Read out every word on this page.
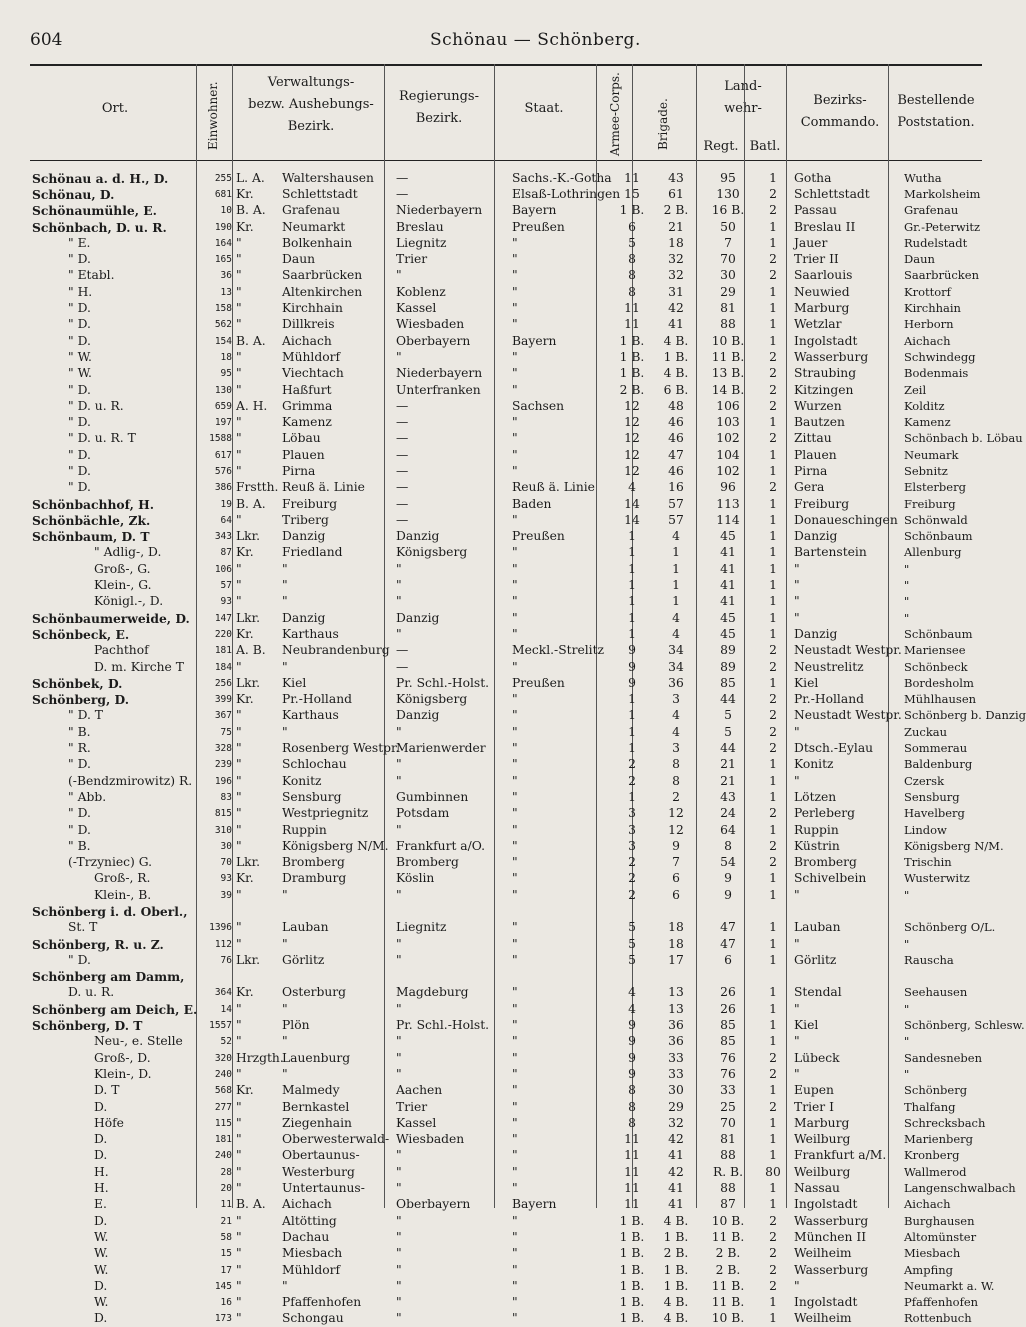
604	Schönau — Schönberg.
Ort.	Einwohner.	Verwaltungs-
bezw. Aushebungs-
Bezirk.
Regierungs-
Bezirk.
Staat.	Armee-Corps.	Brigade.
Land-
wehr-
Regt. Batl.
Bezirks-
Commando.
Bestellende
Poststation.
Schönau a. d. H., D.	255	L. A.	Waltershausen	—	Sachs.-K.-Gotha	11	43	95	1	Gotha	Wutha
Schönau, D.	681	Kr.	Schlettstadt	—	Elsaß-Lothringen	15	61	130	2	Schlettstadt	Markolsheim
Schönaumühle, E.	10	B. A.	Grafenau	Niederbayern	Bayern	1 B.	2 B.	16 B.	2	Passau	Grafenau
Schönbach, D. u. R.	190	Kr.	Neumarkt	Breslau	Preußen	6	21	50	1	Breslau II	Gr.-Peterwitz
" E.	164	"	Bolkenhain	Liegnitz	"	5	18	7	1	Jauer	Rudelstadt
" D.	165	"	Daun	Trier	"	8	32	70	2	Trier II	Daun
" Etabl.	36	"	Saarbrücken	"	"	8	32	30	2	Saarlouis	Saarbrücken
" H.	13	"	Altenkirchen	Koblenz	"	8	31	29	1	Neuwied	Krottorf
" D.	158	"	Kirchhain	Kassel	"	11	42	81	1	Marburg	Kirchhain
" D.	562	"	Dillkreis	Wiesbaden	"	11	41	88	1	Wetzlar	Herborn
" D.	154	B. A.	Aichach	Oberbayern	Bayern	1 B.	4 B.	10 B.	1	Ingolstadt	Aichach
" W.	18	"	Mühldorf	"	"	1 B.	1 B.	11 B.	2	Wasserburg	Schwindegg
" W.	95	"	Viechtach	Niederbayern	"	1 B.	4 B.	13 B.	2	Straubing	Bodenmais
" D.	130	"	Haßfurt	Unterfranken	"	2 B.	6 B.	14 B.	2	Kitzingen	Zeil
" D. u. R.	659	A. H.	Grimma	—	Sachsen	12	48	106	2	Wurzen	Kolditz
" D.	197	"	Kamenz	—	"	12	46	103	1	Bautzen	Kamenz
" D. u. R. T	1588	"	Löbau	—	"	12	46	102	2	Zittau	Schönbach b. Löbau
" D.	617	"	Plauen	—	"	12	47	104	1	Plauen	Neumark
" D.	576	"	Pirna	—	"	12	46	102	1	Pirna	Sebnitz
" D.	386	Frstth.	Reuß ä. Linie	—	Reuß ä. Linie	4	16	96	2	Gera	Elsterberg
Schönbachhof, H.	19	B. A.	Freiburg	—	Baden	14	57	113	1	Freiburg	Freiburg
Schönbächle, Zk.	64	"	Triberg	—	"	14	57	114	1	Donaueschingen	Schönwald
Schönbaum, D. T	343	Lkr.	Danzig	Danzig	Preußen	1	4	45	1	Danzig	Schönbaum
" Adlig-, D.	87	Kr.	Friedland	Königsberg	"	1	1	41	1	Bartenstein	Allenburg
Groß-, G.	106	"	"	"	"	1	1	41	1	"	"
Klein-, G.	57	"	"	"	"	1	1	41	1	"	"
Königl.-, D.	93	"	"	"	"	1	1	41	1	"	"
Schönbaumerweide, D.	147	Lkr.	Danzig	Danzig	"	1	4	45	1	"	"
Schönbeck, E.	220	Kr.	Karthaus	"	"	1	4	45	1	Danzig	Schönbaum
Pachthof	181	A. B.	Neubrandenburg	—	Meckl.-Strelitz	9	34	89	2	Neustadt Westpr.	Mariensee
D. m. Kirche T	184	"	"	—	"	9	34	89	2	Neustrelitz	Schönbeck
Schönbek, D.	256	Lkr.	Kiel	Pr. Schl.-Holst.	Preußen	9	36	85	1	Kiel	Bordesholm
Schönberg, D.	399	Kr.	Pr.-Holland	Königsberg	"	1	3	44	2	Pr.-Holland	Mühlhausen
" D. T	367	"	Karthaus	Danzig	"	1	4	5	2	Neustadt Westpr.	Schönberg b. Danzig
" B.	75	"	"	"	"	1	4	5	2	"	Zuckau
" R.	328	"	Rosenberg Westpr.	Marienwerder	"	1	3	44	2	Dtsch.-Eylau	Sommerau
" D.	239	"	Schlochau	"	"	2	8	21	1	Konitz	Baldenburg
(-Bendzmirowitz) R.	196	"	Konitz	"	"	2	8	21	1	"	Czersk
" Abb.	83	"	Sensburg	Gumbinnen	"	1	2	43	1	Lötzen	Sensburg
" D.	815	"	Westpriegnitz	Potsdam	"	3	12	24	2	Perleberg	Havelberg
" D.	310	"	Ruppin	"	"	3	12	64	1	Ruppin	Lindow
" B.	30	"	Königsberg N/M.	Frankfurt a/O.	"	3	9	8	2	Küstrin	Königsberg N/M.
(-Trzyniec) G.	70	Lkr.	Bromberg	Bromberg	"	2	7	54	2	Bromberg	Trischin
Groß-, R.	93	Kr.	Dramburg	Köslin	"	2	6	9	1	Schivelbein	Wusterwitz
Klein-, B.	39	"	"	"	"	2	6	9	1	"	"
Schönberg i. d. Oberl.,											
St. T	1396	"	Lauban	Liegnitz	"	5	18	47	1	Lauban	Schönberg O/L.
Schönberg, R. u. Z.	112	"	"	"	"	5	18	47	1	"	"
" D.	76	Lkr.	Görlitz	"	"	5	17	6	1	Görlitz	Rauscha
Schönberg am Damm,											
D. u. R.	364	Kr.	Osterburg	Magdeburg	"	4	13	26	1	Stendal	Seehausen
Schönberg am Deich, E.	14	"	"	"	"	4	13	26	1	"	"
Schönberg, D. T	1557	"	Plön	Pr. Schl.-Holst.	"	9	36	85	1	Kiel	Schönberg, Schlesw.
Neu-, e. Stelle	52	"	"	"	"	9	36	85	1	"	"
Groß-, D.	320	Hrzgth.	Lauenburg	"	"	9	33	76	2	Lübeck	Sandesneben
Klein-, D.	240	"	"	"	"	9	33	76	2	"	"
D. T	568	Kr.	Malmedy	Aachen	"	8	30	33	1	Eupen	Schönberg
D.	277	"	Bernkastel	Trier	"	8	29	25	2	Trier I	Thalfang
Höfe	115	"	Ziegenhain	Kassel	"	8	32	70	1	Marburg	Schrecksbach
D.	181	"	Oberwesterwald-	Wiesbaden	"	11	42	81	1	Weilburg	Marienberg
D.	240	"	Obertaunus-	"	"	11	41	88	1	Frankfurt a/M.	Kronberg
H.	28	"	Westerburg	"	"	11	42	R. B.	80	Weilburg	Wallmerod
H.	20	"	Untertaunus-	"	"	11	41	88	1	Nassau	Langenschwalbach
E.	11	B. A.	Aichach	Oberbayern	Bayern	11	41	87	1	Ingolstadt	Aichach
D.	21	"	Altötting	"	"	1 B.	4 B.	10 B.	2	Wasserburg	Burghausen
W.	58	"	Dachau	"	"	1 B.	1 B.	11 B.	2	München II	Altomünster
W.	15	"	Miesbach	"	"	1 B.	2 B.	2 B.	2	Weilheim	Miesbach
W.	17	"	Mühldorf	"	"	1 B.	1 B.	2 B.	2	Wasserburg	Ampfing
D.	145	"	"	"	"	1 B.	1 B.	11 B.	2	"	Neumarkt a. W.
W.	16	"	Pfaffenhofen	"	"	1 B.	4 B.	11 B.	1	Ingolstadt	Pfaffenhofen
D.	173	"	Schongau	"	"	1 B.	4 B.	10 B.	1	Weilheim	Rottenbuch
